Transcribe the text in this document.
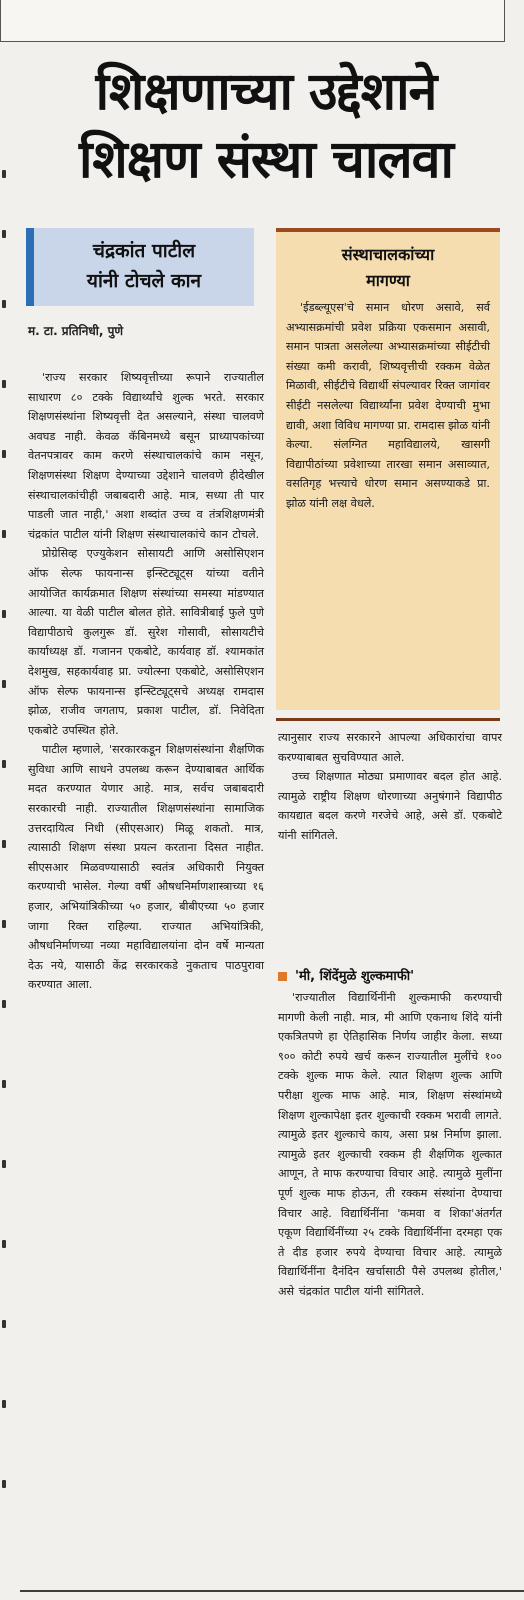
शिक्षणाच्या उद्देशाने
शिक्षण संस्था चालवा
चंद्रकांत पाटील
यांनी टोचले कान
म. टा. प्रतिनिधी, पुणे

'राज्य सरकार शिष्यवृत्तीच्या रूपाने राज्यातील साधारण ८० टक्के विद्यार्थ्यांचे शुल्क भरते. सरकार शिक्षणसंस्थांना शिष्यवृत्ती देत असल्याने, संस्था चालवणे अवघड नाही. केवळ कॅबिनमध्ये बसून प्राध्यापकांच्या वेतनपत्रावर काम करणे संस्थाचालकांचे काम नसून, शिक्षणसंस्था शिक्षण देण्याच्या उद्देशाने चालवणे हीदेखील संस्थाचालकांचीही जबाबदारी आहे. मात्र, सध्या ती पार पाडली जात नाही,' अशा शब्दांत उच्च व तंत्रशिक्षणमंत्री चंद्रकांत पाटील यांनी शिक्षण संस्थाचालकांचे कान टोचले.

प्रोग्रेसिव्ह एज्युकेशन सोसायटी आणि असोसिएशन ऑफ सेल्फ फायनान्स इन्स्टिट्यूट्स यांच्या वतीने आयोजित कार्यक्रमात शिक्षण संस्थांच्या समस्या मांडण्यात आल्या. या वेळी पाटील बोलत होते. सावित्रीबाई फुले पुणे विद्यापीठाचे कुलगुरू डॉ. सुरेश गोसावी, सोसायटीचे कार्याध्यक्ष डॉ. गजानन एकबोटे, कार्यवाह डॉ. श्यामकांत देशमुख, सहकार्यवाह प्रा. ज्योत्स्ना एकबोटे, असोसिएशन ऑफ सेल्फ फायनान्स इन्स्टिट्यूट्सचे अध्यक्ष रामदास झोळ, राजीव जगताप, प्रकाश पाटील, डॉ. निवेदिता एकबोटे उपस्थित होते.

पाटील म्हणाले, 'सरकारकडून शिक्षणसंस्थांना शैक्षणिक सुविधा आणि साधने उपलब्ध करून देण्याबाबत आर्थिक मदत करण्यात येणार आहे. मात्र, सर्वच जबाबदारी सरकारची नाही. राज्यातील शिक्षणसंस्थांना सामाजिक उत्तरदायित्व निधी (सीएसआर) मिळू शकतो. मात्र, त्यासाठी शिक्षण संस्था प्रयत्न करताना दिसत नाहीत. सीएसआर मिळवण्यासाठी स्वतंत्र अधिकारी नियुक्त करण्याची भासेल. गेल्या वर्षी औषधनिर्माणशास्त्राच्या १६ हजार, अभियांत्रिकीच्या ५० हजार, बीबीएच्या ५० हजार जागा रिक्त राहिल्या. राज्यात अभियांत्रिकी, औषधनिर्माणच्या नव्या महाविद्यालयांना दोन वर्षे मान्यता देऊ नये, यासाठी केंद्र सरकारकडे नुकताच पाठपुरावा करण्यात आला.

संस्थाचालकांच्या
मागण्या

'ईडब्ल्यूएस'चे समान धोरण असावे, सर्व अभ्यासक्रमांची प्रवेश प्रक्रिया एकसमान असावी, समान पात्रता असलेल्या अभ्यासक्रमांच्या सीईटीची संख्या कमी करावी, शिष्यवृत्तीची रक्कम वेळेत मिळावी, सीईटीचे विद्यार्थी संपल्यावर रिक्त जागांवर सीईटी नसलेल्या विद्यार्थ्यांना प्रवेश देण्याची मुभा द्यावी, अशा विविध मागण्या प्रा. रामदास झोळ यांनी केल्या. संलग्नित महाविद्यालये, खासगी विद्यापीठांच्या प्रवेशाच्या तारखा समान असाव्यात, वसतिगृह भत्त्याचे धोरण समान असण्याकडे प्रा. झोळ यांनी लक्ष वेधले.

त्यानुसार राज्य सरकारने आपल्या अधिकारांचा वापर करण्याबाबत सुचविण्यात आले.

उच्च शिक्षणात मोठ्या प्रमाणावर बदल होत आहे. त्यामुळे राष्ट्रीय शिक्षण धोरणाच्या अनुषंगाने विद्यापीठ कायद्यात बदल करणे गरजेचे आहे, असे डॉ. एकबोटे यांनी सांगितले.

'मी, शिंदेंमुळे शुल्कमाफी'

'राज्यातील विद्यार्थिनींनी शुल्कमाफी करण्याची मागणी केली नाही. मात्र, मी आणि एकनाथ शिंदे यांनी एकत्रितपणे हा ऐतिहासिक निर्णय जाहीर केला. सध्या ९०० कोटी रुपये खर्च करून राज्यातील मुलींचे १०० टक्के शुल्क माफ केले. त्यात शिक्षण शुल्क आणि परीक्षा शुल्क माफ आहे. मात्र, शिक्षण संस्थांमध्ये शिक्षण शुल्कापेक्षा इतर शुल्काची रक्कम भरावी लागते. त्यामुळे इतर शुल्काचे काय, असा प्रश्न निर्माण झाला. त्यामुळे इतर शुल्काची रक्कम ही शैक्षणिक शुल्कात आणून, ते माफ करण्याचा विचार आहे. त्यामुळे मुलींना पूर्ण शुल्क माफ होऊन, ती रक्कम संस्थांना देण्याचा विचार आहे. विद्यार्थिनींना 'कमवा व शिका'अंतर्गत एकूण विद्यार्थिनींच्या २५ टक्के विद्यार्थिनींना दरमहा एक ते दीड हजार रुपये देण्याचा विचार आहे. त्यामुळे विद्यार्थिनींना दैनंदिन खर्चासाठी पैसे उपलब्ध होतील,' असे चंद्रकांत पाटील यांनी सांगितले.
